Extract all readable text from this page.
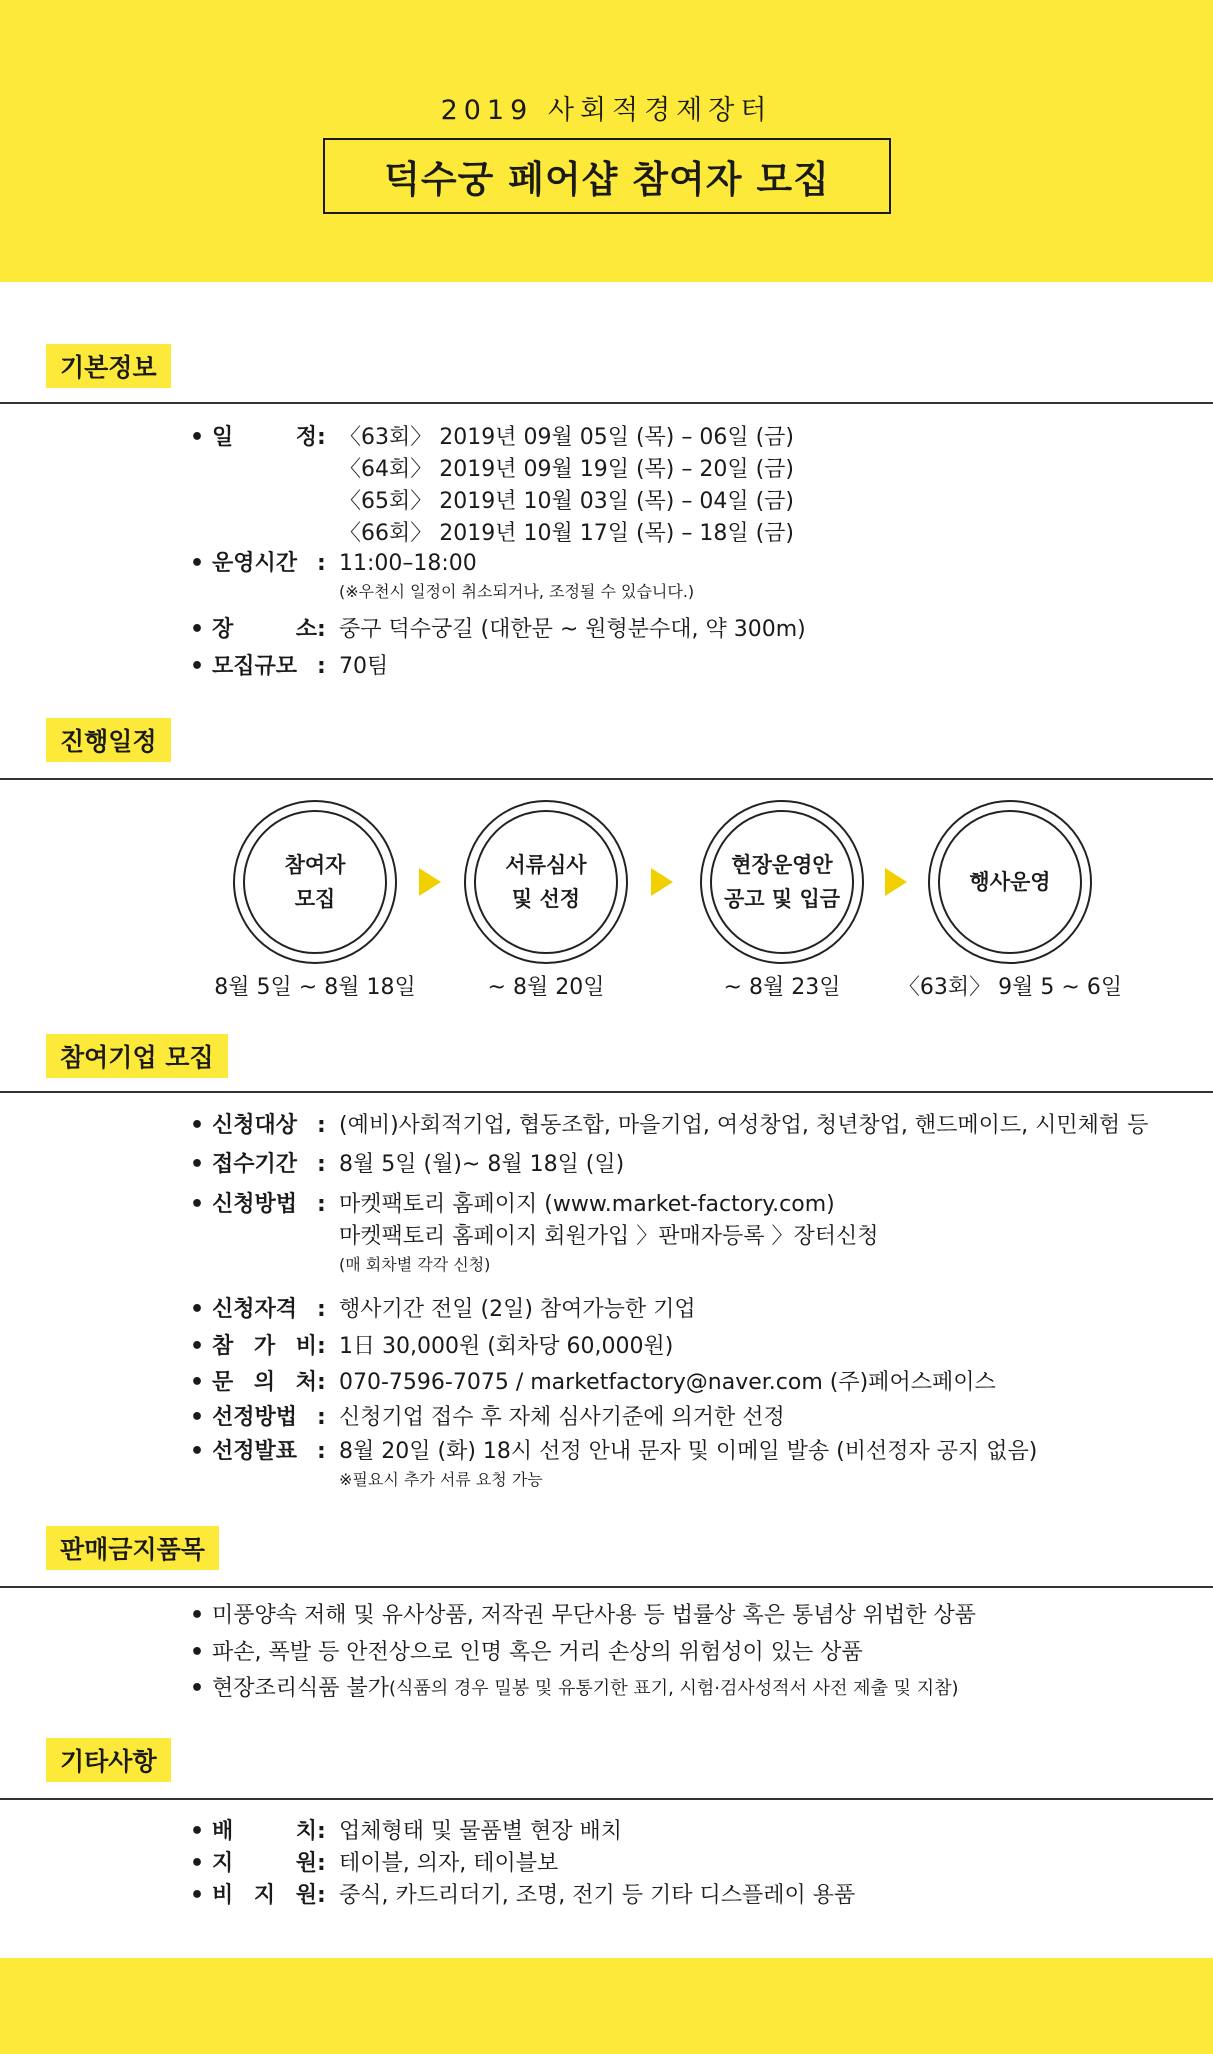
2019 사회적경제장터
덕수궁 페어샵 참여자 모집
기본정보
• 일 정 : 〈63회〉 2019년 09월 05일 (목) – 06일 (금)
〈64회〉 2019년 09월 19일 (목) – 20일 (금)
〈65회〉 2019년 10월 03일 (목) – 04일 (금)
〈66회〉 2019년 10월 17일 (목) – 18일 (금)
• 운영시간 : 11:00–18:00
(※우천시 일정이 취소되거나, 조정될 수 있습니다.)
• 장 소 : 중구 덕수궁길 (대한문 ~ 원형분수대, 약 300m)
• 모집규모 : 70팀
진행일정
참여자
모집
서류심사
및 선정
현장운영안
공고 및 입금
행사운영
8월 5일 ~ 8월 18일	~ 8월 20일	~ 8월 23일	〈63회〉 9월 5 ~ 6일
참여기업 모집
• 신청대상 : (예비)사회적기업, 협동조합, 마을기업, 여성창업, 청년창업, 핸드메이드, 시민체험 등
• 접수기간 : 8월 5일 (월)~ 8월 18일 (일)
• 신청방법 : 마켓팩토리 홈페이지 (www.market-factory.com)
마켓팩토리 홈페이지 회원가입 〉판매자등록 〉장터신청
(매 회차별 각각 신청)
• 신청자격 : 행사기간 전일 (2일) 참여가능한 기업
• 참 가 비 : 1日 30,000원 (회차당 60,000원)
• 문 의 처 : 070-7596-7075 / marketfactory@naver.com (주)페어스페이스
• 선정방법 : 신청기업 접수 후 자체 심사기준에 의거한 선정
• 선정발표 : 8월 20일 (화) 18시 선정 안내 문자 및 이메일 발송 (비선정자 공지 없음)
※필요시 추가 서류 요청 가능
판매금지품목
• 미풍양속 저해 및 유사상품, 저작권 무단사용 등 법률상 혹은 통념상 위법한 상품
• 파손, 폭발 등 안전상으로 인명 혹은 거리 손상의 위험성이 있는 상품
• 현장조리식품 불가 (식품의 경우 밀봉 및 유통기한 표기, 시험·검사성적서 사전 제출 및 지참)
기타사항
• 배 치 : 업체형태 및 물품별 현장 배치
• 지 원 : 테이블, 의자, 테이블보
• 비 지 원 : 중식, 카드리더기, 조명, 전기 등 기타 디스플레이 용품
